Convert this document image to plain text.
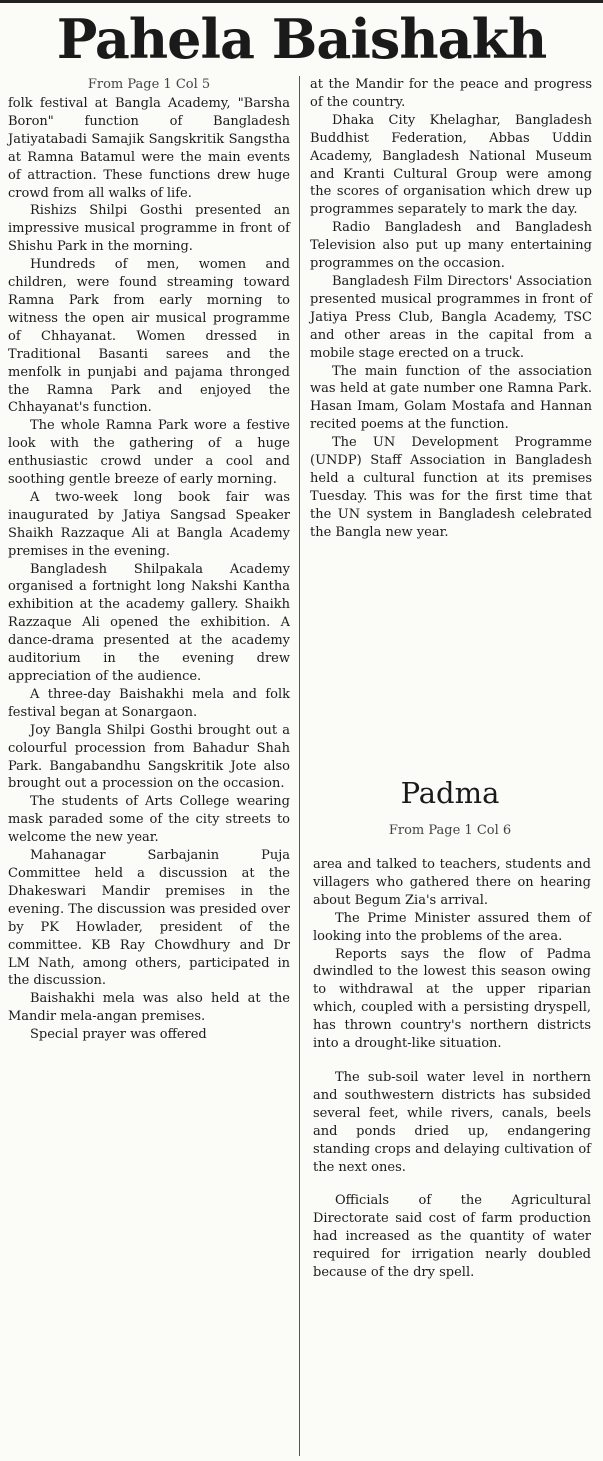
Pahela Baishakh
From Page 1 Col 5

folk festival at Bangla Academy, "Barsha Boron" function of Bangladesh Jatiyatabadi Samajik Sangskritik Sangstha at Ramna Batamul were the main events of attraction. These functions drew huge crowd from all walks of life.

Rishizs Shilpi Gosthi presented an impressive musical programme in front of Shishu Park in the morning.

Hundreds of men, women and children, were found streaming toward Ramna Park from early morning to witness the open air musical programme of Chhayanat. Women dressed in Traditional Basanti sarees and the menfolk in punjabi and pajama thronged the Ramna Park and enjoyed the Chhayanat's function.

The whole Ramna Park wore a festive look with the gathering of a huge enthusiastic crowd under a cool and soothing gentle breeze of early morning.

A two-week long book fair was inaugurated by Jatiya Sangsad Speaker Shaikh Razzaque Ali at Bangla Academy premises in the evening.

Bangladesh Shilpakala Academy organised a fortnight long Nakshi Kantha exhibition at the academy gallery. Shaikh Razzaque Ali opened the exhibition. A dance-drama presented at the academy auditorium in the evening drew appreciation of the audience.

A three-day Baishakhi mela and folk festival began at Sonargaon.

Joy Bangla Shilpi Gosthi brought out a colourful procession from Bahadur Shah Park. Bangabandhu Sangskritik Jote also brought out a procession on the occasion.

The students of Arts College wearing mask paraded some of the city streets to welcome the new year.

Mahanagar Sarbajanin Puja Committee held a discussion at the Dhakeswari Mandir premises in the evening. The discussion was presided over by PK Howlader, president of the committee. KB Ray Chowdhury and Dr LM Nath, among others, participated in the discussion.

Baishakhi mela was also held at the Mandir mela-angan premises.

Special prayer was offered

at the Mandir for the peace and progress of the country.

Dhaka City Khelaghar, Bangladesh Buddhist Federation, Abbas Uddin Academy, Bangladesh National Museum and Kranti Cultural Group were among the scores of organisation which drew up programmes separately to mark the day.

Radio Bangladesh and Bangladesh Television also put up many entertaining programmes on the occasion.

Bangladesh Film Directors' Association presented musical programmes in front of Jatiya Press Club, Bangla Academy, TSC and other areas in the capital from a mobile stage erected on a truck.

The main function of the association was held at gate number one Ramna Park. Hasan Imam, Golam Mostafa and Hannan recited poems at the function.

The UN Development Programme (UNDP) Staff Association in Bangladesh held a cultural function at its premises Tuesday. This was for the first time that the UN system in Bangladesh celebrated the Bangla new year.

Padma
From Page 1 Col 6

area and talked to teachers, students and villagers who gathered there on hearing about Begum Zia's arrival.

The Prime Minister assured them of looking into the problems of the area.

Reports says the flow of Padma dwindled to the lowest this season owing to withdrawal at the upper riparian which, coupled with a persisting dryspell, has thrown country's northern districts into a drought-like situation.

The sub-soil water level in northern and southwestern districts has subsided several feet, while rivers, canals, beels and ponds dried up, endangering standing crops and delaying cultivation of the next ones.

Officials of the Agricultural Directorate said cost of farm production had increased as the quantity of water required for irrigation nearly doubled because of the dry spell.
